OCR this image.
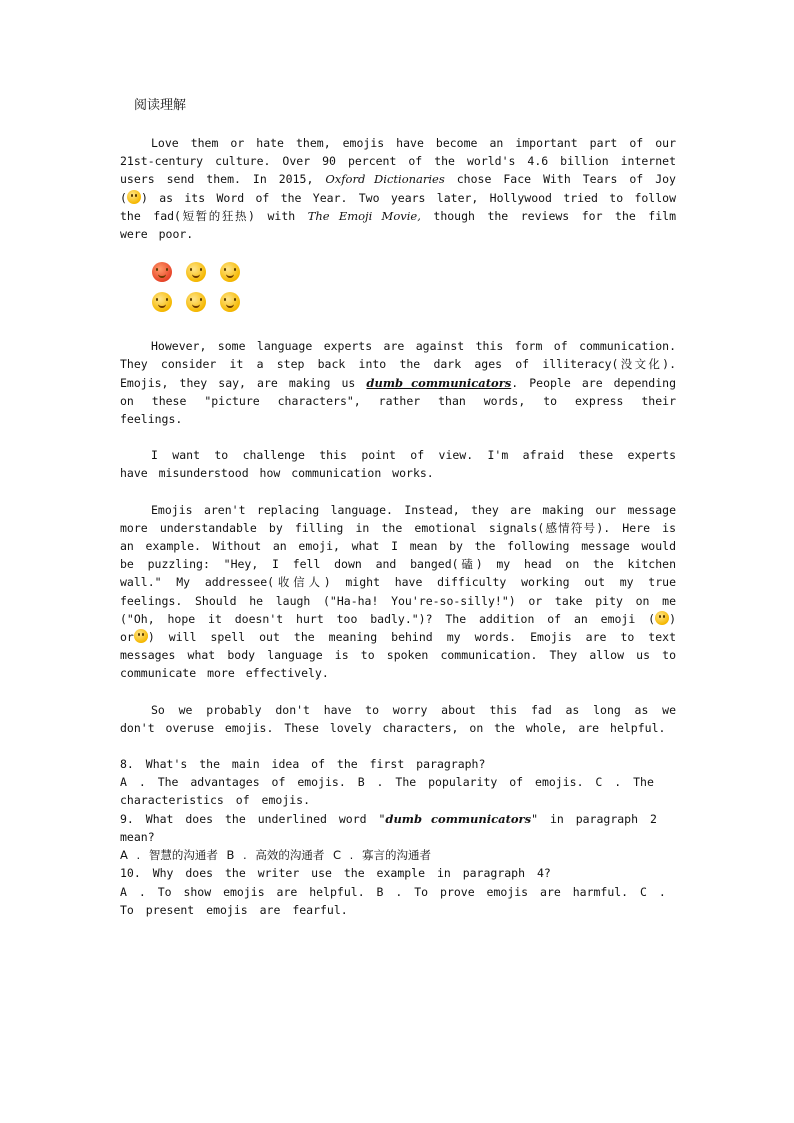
阅读理解

Love them or hate them, emojis have become an important part of our 21st-century culture. Over 90 percent of the world's 4.6 billion internet users send them. In 2015, Oxford Dictionaries chose Face With Tears of Joy ( ) as its Word of the Year. Two years later, Hollywood tried to follow the fad(短暂的狂热) with The Emoji Movie, though the reviews for the film were poor.

However, some language experts are against this form of communication. They consider it a step back into the dark ages of illiteracy(没文化). Emojis, they say, are making us dumb communicators. People are depending on these "picture characters", rather than words, to express their feelings.

I want to challenge this point of view. I'm afraid these experts have misunderstood how communication works.

Emojis aren't replacing language. Instead, they are making our message more understandable by filling in the emotional signals(感情符号). Here is an example. Without an emoji, what I mean by the following message would be puzzling: "Hey, I fell down and banged(磕) my head on the kitchen wall." My addressee(收信人) might have difficulty working out my true feelings. Should he laugh ("Ha-ha! You're-so-silly!") or take pity on me ("Oh, hope it doesn't hurt too badly.")? The addition of an emoji ( ) or ) will spell out the meaning behind my words. Emojis are to text messages what body language is to spoken communication. They allow us to communicate more effectively.

So we probably don't have to worry about this fad as long as we don't overuse emojis. These lovely characters, on the whole, are helpful.

8. What's the main idea of the first paragraph?

A . The advantages of emojis. B . The popularity of emojis. C . The characteristics of emojis.

9. What does the underlined word "dumb communicators" in paragraph 2 mean?

A . 智慧的沟通者 B . 高效的沟通者 C . 寡言的沟通者

10. Why does the writer use the example in paragraph 4?

A . To show emojis are helpful. B . To prove emojis are harmful. C . To present emojis are fearful.
